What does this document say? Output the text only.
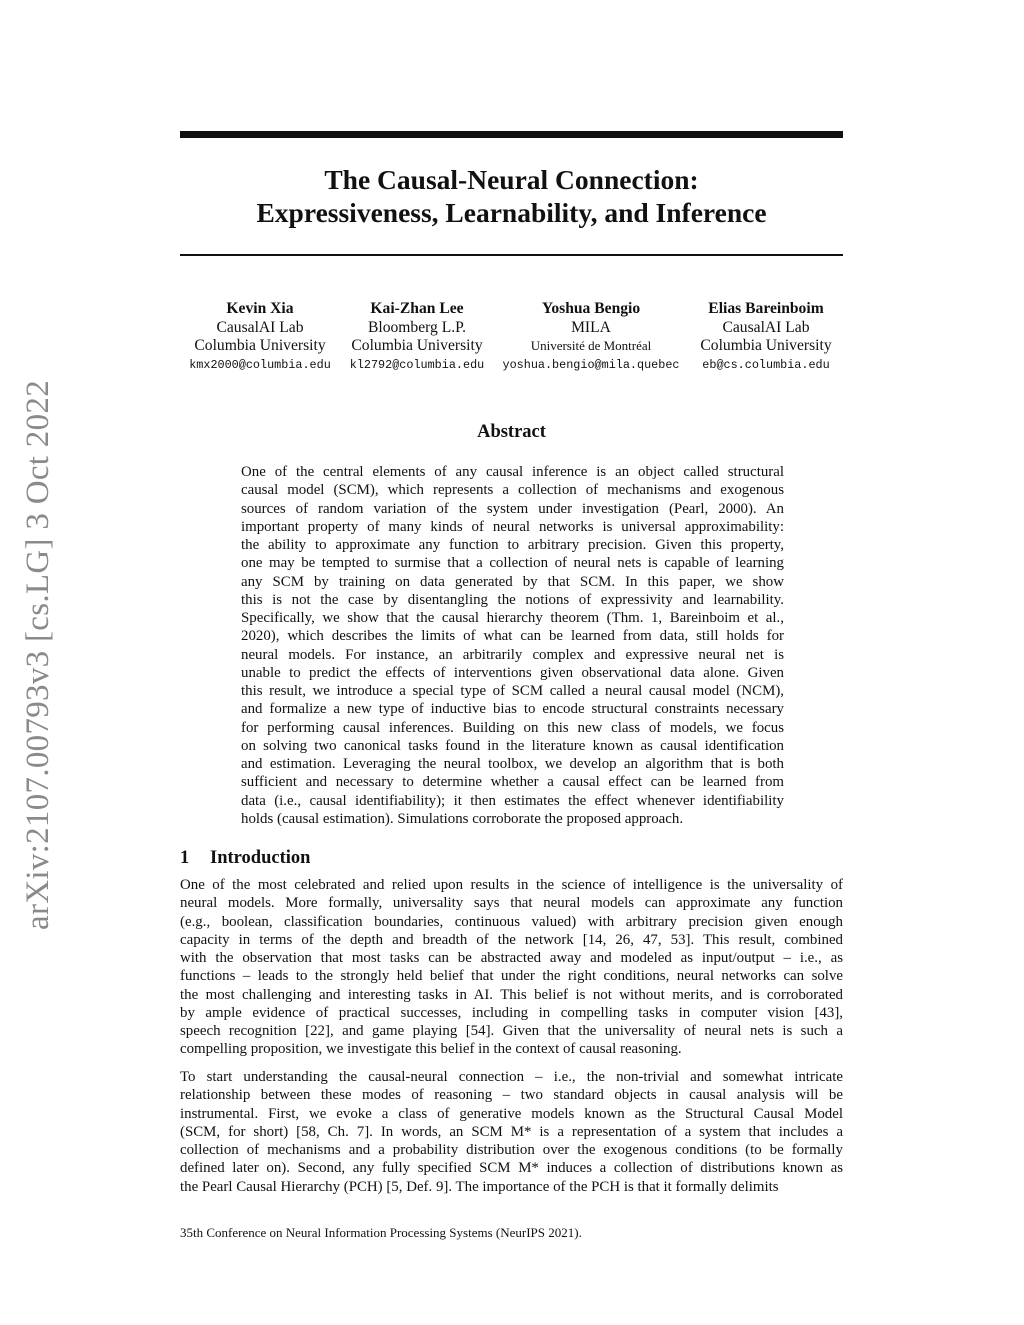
arXiv:2107.00793v3 [cs.LG] 3 Oct 2022
The Causal-Neural Connection:
Expressiveness, Learnability, and Inference
Kevin Xia
CausalAI Lab
Columbia University
kmx2000@columbia.edu
Kai-Zhan Lee
Bloomberg L.P.
Columbia University
kl2792@columbia.edu
Yoshua Bengio
MILA
Université de Montréal
yoshua.bengio@mila.quebec
Elias Bareinboim
CausalAI Lab
Columbia University
eb@cs.columbia.edu
Abstract
One of the central elements of any causal inference is an object called structural
causal model (SCM), which represents a collection of mechanisms and exogenous
sources of random variation of the system under investigation (Pearl, 2000). An
important property of many kinds of neural networks is universal approximability:
the ability to approximate any function to arbitrary precision. Given this property,
one may be tempted to surmise that a collection of neural nets is capable of learning
any SCM by training on data generated by that SCM. In this paper, we show
this is not the case by disentangling the notions of expressivity and learnability.
Specifically, we show that the causal hierarchy theorem (Thm. 1, Bareinboim et al.,
2020), which describes the limits of what can be learned from data, still holds for
neural models. For instance, an arbitrarily complex and expressive neural net is
unable to predict the effects of interventions given observational data alone. Given
this result, we introduce a special type of SCM called a neural causal model (NCM),
and formalize a new type of inductive bias to encode structural constraints necessary
for performing causal inferences. Building on this new class of models, we focus
on solving two canonical tasks found in the literature known as causal identification
and estimation. Leveraging the neural toolbox, we develop an algorithm that is both
sufficient and necessary to determine whether a causal effect can be learned from
data (i.e., causal identifiability); it then estimates the effect whenever identifiability
holds (causal estimation). Simulations corroborate the proposed approach.
1 Introduction
One of the most celebrated and relied upon results in the science of intelligence is the universality of
neural models. More formally, universality says that neural models can approximate any function
(e.g., boolean, classification boundaries, continuous valued) with arbitrary precision given enough
capacity in terms of the depth and breadth of the network [14, 26, 47, 53]. This result, combined
with the observation that most tasks can be abstracted away and modeled as input/output – i.e., as
functions – leads to the strongly held belief that under the right conditions, neural networks can solve
the most challenging and interesting tasks in AI. This belief is not without merits, and is corroborated
by ample evidence of practical successes, including in compelling tasks in computer vision [43],
speech recognition [22], and game playing [54]. Given that the universality of neural nets is such a
compelling proposition, we investigate this belief in the context of causal reasoning.
To start understanding the causal-neural connection – i.e., the non-trivial and somewhat intricate
relationship between these modes of reasoning – two standard objects in causal analysis will be
instrumental. First, we evoke a class of generative models known as the Structural Causal Model
(SCM, for short) [58, Ch. 7]. In words, an SCM M* is a representation of a system that includes a
collection of mechanisms and a probability distribution over the exogenous conditions (to be formally
defined later on). Second, any fully specified SCM M* induces a collection of distributions known as
the Pearl Causal Hierarchy (PCH) [5, Def. 9]. The importance of the PCH is that it formally delimits
35th Conference on Neural Information Processing Systems (NeurIPS 2021).
